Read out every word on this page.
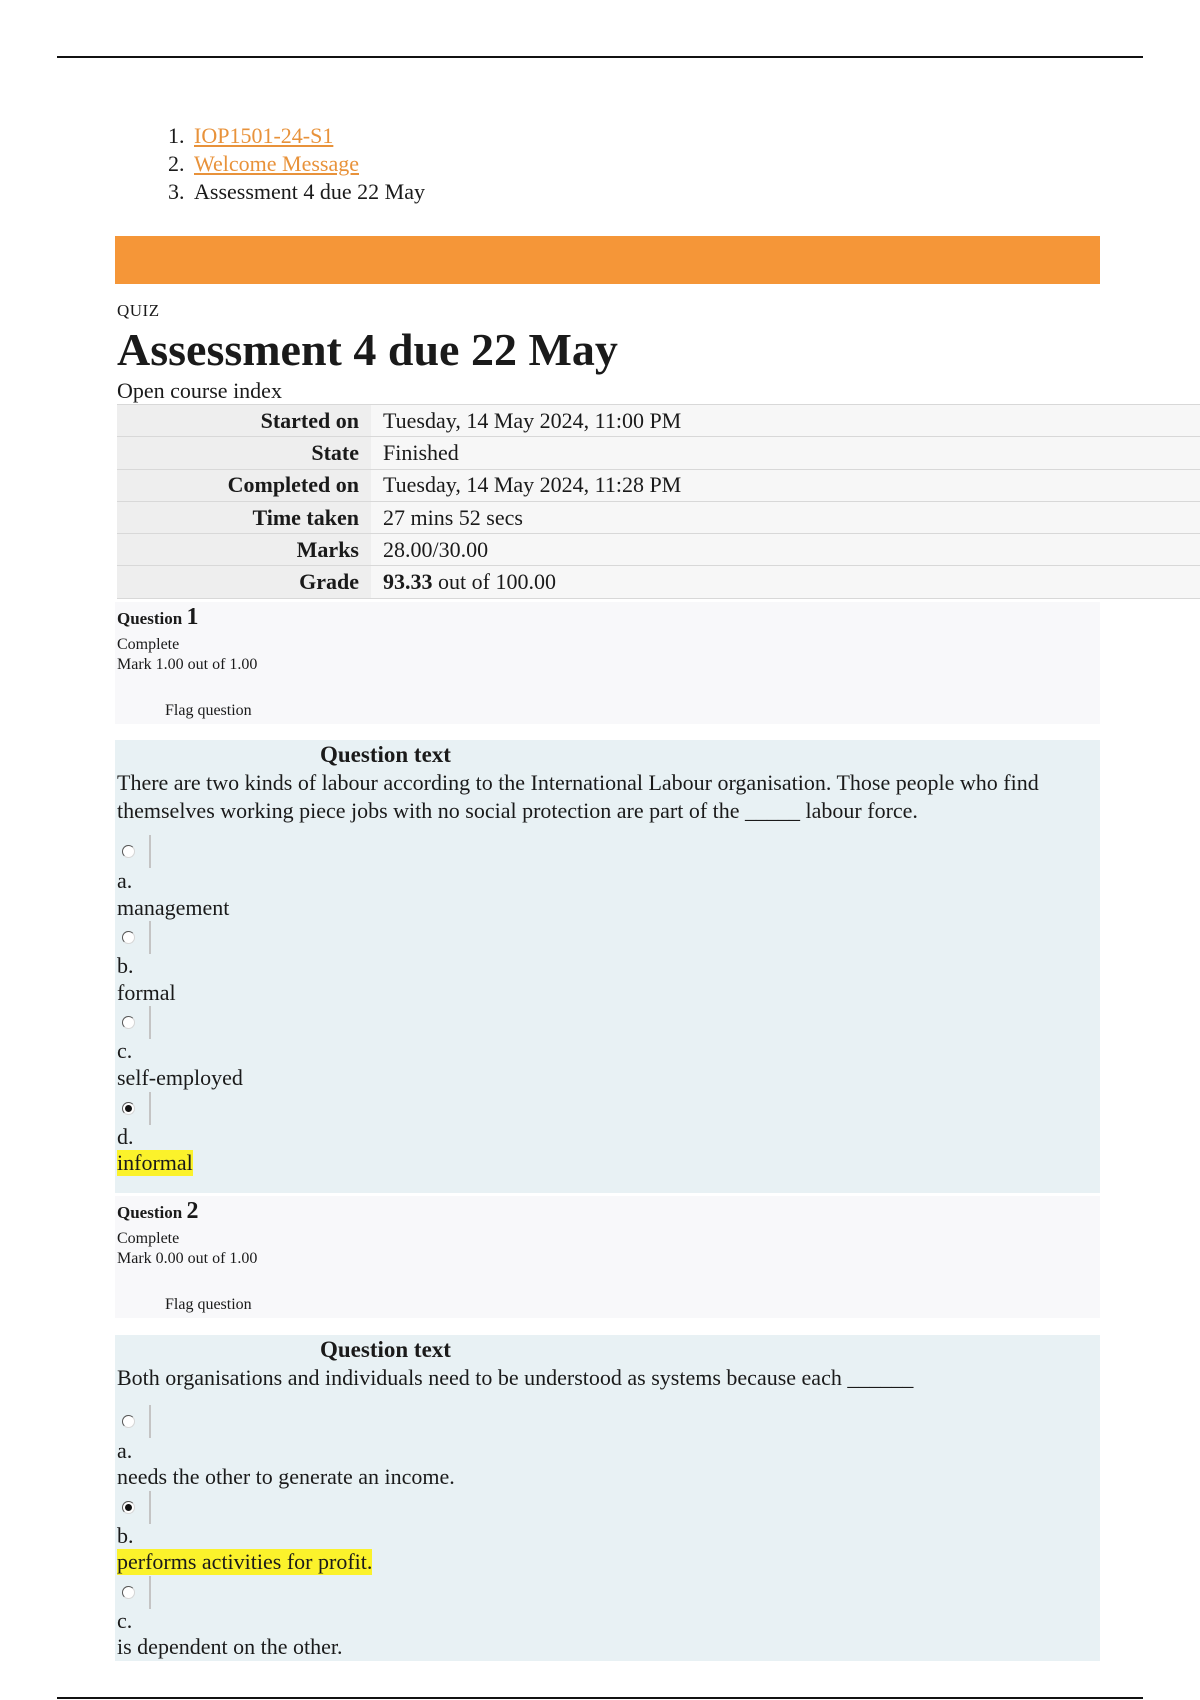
1. IOP1501-24-S1
2. Welcome Message
3. Assessment 4 due 22 May
QUIZ
Assessment 4 due 22 May
Open course index
Started on	Tuesday, 14 May 2024, 11:00 PM
State	Finished
Completed on	Tuesday, 14 May 2024, 11:28 PM
Time taken	27 mins 52 secs
Marks	28.00/30.00
Grade	93.33 out of 100.00
Question 1
Complete
Mark 1.00 out of 1.00
Flag question
Question text
There are two kinds of labour according to the International Labour organisation. Those people who find themselves working piece jobs with no social protection are part of the _____ labour force.
a.
management
b.
formal
c.
self-employed
d.
informal
Question 2
Complete
Mark 0.00 out of 1.00
Flag question
Question text
Both organisations and individuals need to be understood as systems because each ______
a.
needs the other to generate an income.
b.
performs activities for profit.
c.
is dependent on the other.
